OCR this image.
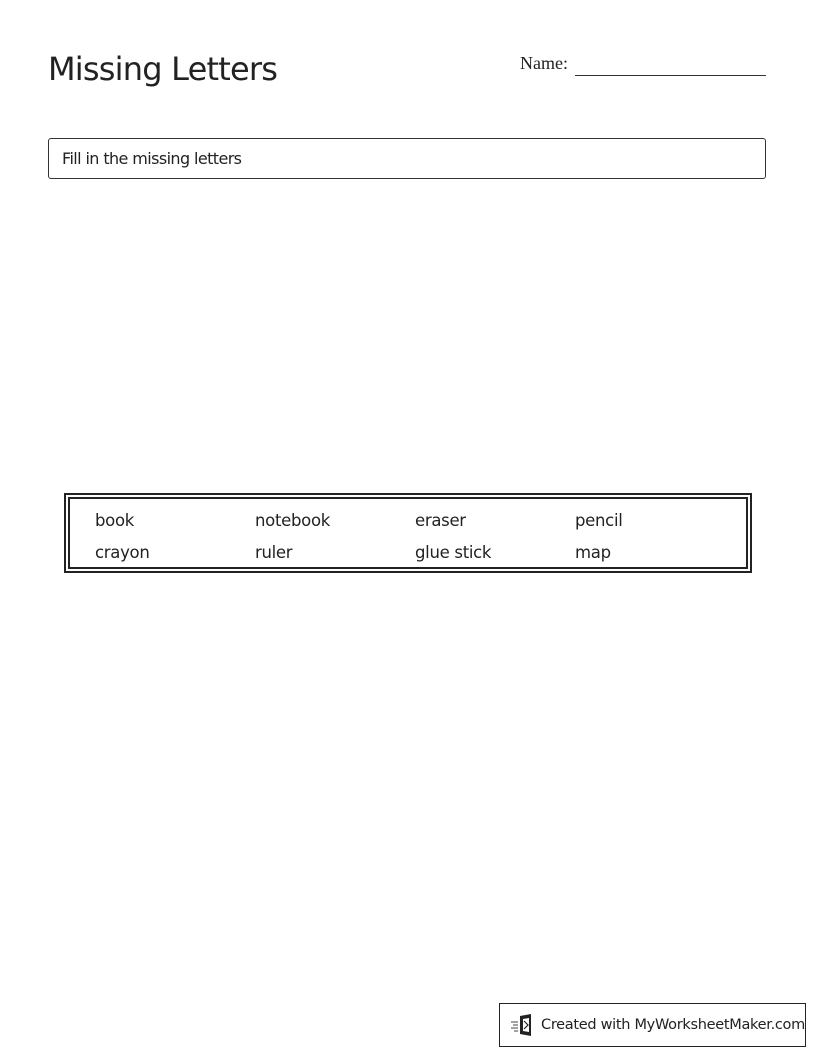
Missing Letters	Name:
Fill in the missing letters
book	notebook	eraser	pencil
crayon	ruler	glue stick	map
Created with MyWorksheetMaker.com
